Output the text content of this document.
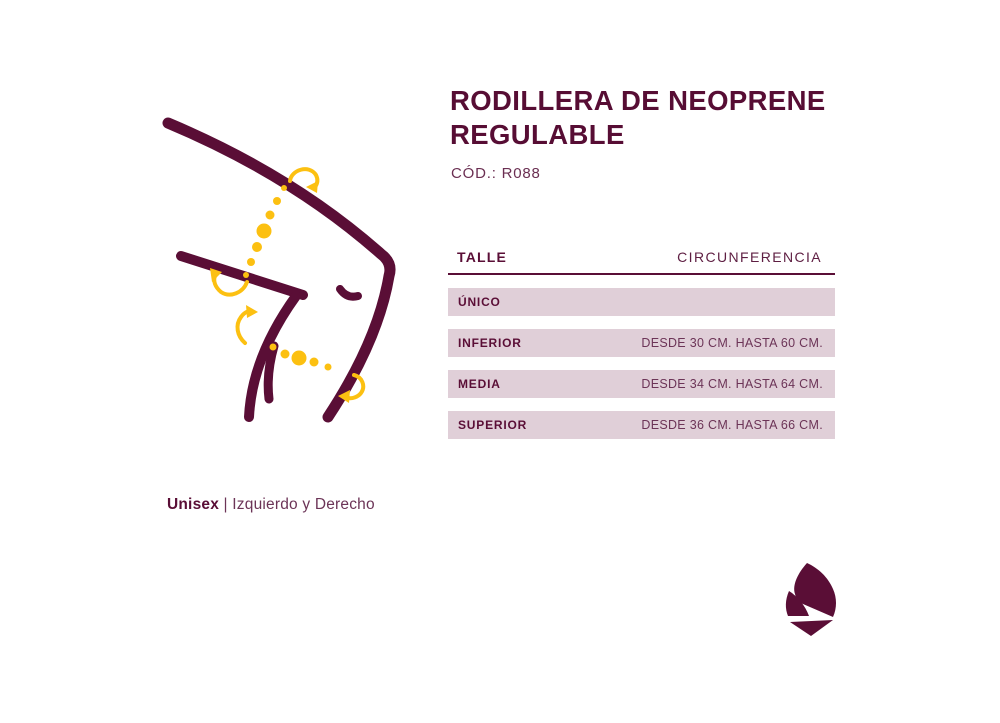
RODILLERA DE NEOPRENE REGULABLE
CÓD.: R088
TALLE	CIRCUNFERENCIA
ÚNICO
INFERIOR	DESDE 30 CM. HASTA 60 CM.
MEDIA	DESDE 34 CM. HASTA 64 CM.
SUPERIOR	DESDE 36 CM. HASTA 66 CM.
Unisex | Izquierdo y Derecho
